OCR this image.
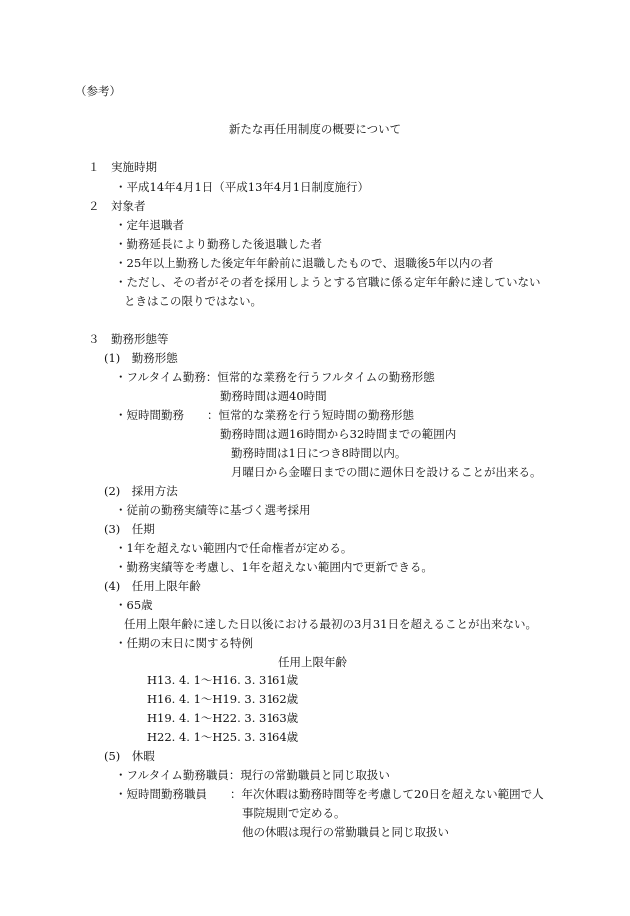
（参考）
新たな再任用制度の概要について
１　実施時期
・平成14年4月1日（平成13年4月1日制度施行）
２　対象者
・定年退職者
・勤務延長により勤務した後退職した者
・25年以上勤務した後定年年齢前に退職したもので、退職後5年以内の者
・ただし、その者がその者を採用しようとする官職に係る定年年齢に達していない
ときはこの限りではない。
３　勤務形態等
(1)　勤務形態
・フルタイム勤務：恒常的な業務を行うフルタイムの勤務形態
勤務時間は週40時間
・短時間勤務　　：恒常的な業務を行う短時間の勤務形態
勤務時間は週16時間から32時間までの範囲内
勤務時間は1日につき8時間以内。
月曜日から金曜日までの間に週休日を設けることが出来る。
(2)　採用方法
・従前の勤務実績等に基づく選考採用
(3)　任期
・1年を超えない範囲内で任命権者が定める。
・勤務実績等を考慮し、1年を超えない範囲内で更新できる。
(4)　任用上限年齢
・65歳
任用上限年齢に達した日以後における最初の3月31日を超えることが出来ない。
・任期の末日に関する特例
任用上限年齢
H13. 4. 1～H16. 3. 31
61歳
H16. 4. 1～H19. 3. 31
62歳
H19. 4. 1～H22. 3. 31
63歳
H22. 4. 1～H25. 3. 31
64歳
(5)　休暇
・フルタイム勤務職員：現行の常勤職員と同じ取扱い
・短時間勤務職員　　：年次休暇は勤務時間等を考慮して20日を超えない範囲で人
事院規則で定める。
他の休暇は現行の常勤職員と同じ取扱い
